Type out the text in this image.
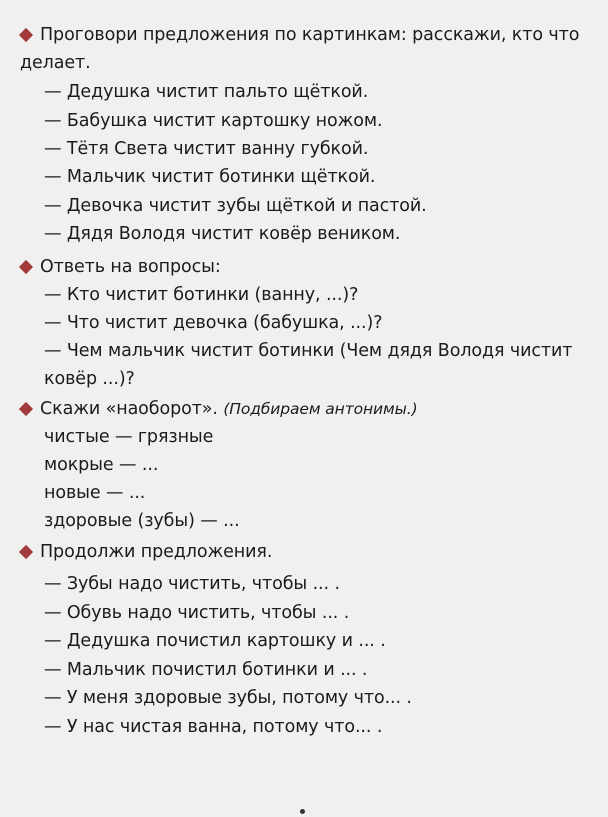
Проговори предложения по картинкам: расскажи, кто что
делает.
— Дедушка чистит пальто щёткой.
— Бабушка чистит картошку ножом.
— Тётя Света чистит ванну губкой.
— Мальчик чистит ботинки щёткой.
— Девочка чистит зубы щёткой и пастой.
— Дядя Володя чистит ковёр веником.
Ответь на вопросы:
— Кто чистит ботинки (ванну, ...)?
— Что чистит девочка (бабушка, ...)?
— Чем мальчик чистит ботинки (Чем дядя Володя чистит
ковёр ...)?
Скажи «наоборот». (Подбираем антонимы.)
чистые — грязные
мокрые — ...
новые — ...
здоровые (зубы) — ...
Продолжи предложения.
— Зубы надо чистить, чтобы ... .
— Обувь надо чистить, чтобы ... .
— Дедушка почистил картошку и ... .
— Мальчик почистил ботинки и ... .
— У меня здоровые зубы, потому что... .
— У нас чистая ванна, потому что... .
